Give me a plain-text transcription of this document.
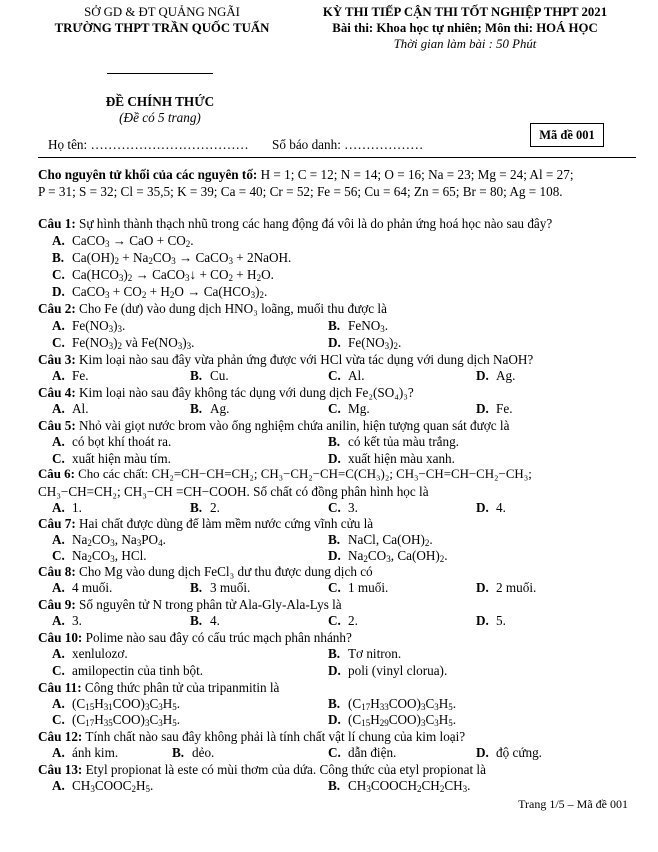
SỞ GD & ĐT QUẢNG NGÃI
TRƯỜNG THPT TRẦN QUỐC TUẤN
KỲ THI TIẾP CẬN THI TỐT NGHIỆP THPT 2021
Bài thi: Khoa học tự nhiên; Môn thi: HOÁ HỌC
Thời gian làm bài : 50 Phút
ĐỀ CHÍNH THỨC
(Đề có 5 trang)
Họ tên: ……………………………… Số báo danh: ………………
Mã đề 001
Cho nguyên tử khối của các nguyên tố: H = 1; C = 12; N = 14; O = 16; Na = 23; Mg = 24; Al = 27;
P = 31; S = 32; Cl = 35,5; K = 39; Ca = 40; Cr = 52; Fe = 56; Cu = 64; Zn = 65; Br = 80; Ag = 108.
Câu 1: Sự hình thành thạch nhũ trong các hang động đá vôi là do phản ứng hoá học nào sau đây?
A. CaCO$_3$ → CaO + $CO_2$.
B. $Ca(OH)_2 + Na_2CO_3$ → CaCO$_3$ + 2NaOH.
C. $Ca(HCO_3)_2$ → CaCO$_3$↓ + $CO_2 + H_2O$.
D. CaCO$_3$ + $CO_2 + H_2O \to Ca(HCO_3)_2$.
Câu 2: Cho Fe (dư) vào dung dịch HNO₃ loãng, muối thu được là
A. $Fe(NO_3)_3$.	B. FeNO$_3$.
C. $Fe(NO_3)_2$ và $Fe(NO_3)_3$.	D. $Fe(NO_3)_2$.
Câu 3: Kim loại nào sau đây vừa phản ứng được với HCl vừa tác dụng với dung dịch NaOH?
A. Fe.	B. Cu.	C. Al.	D. Ag.
Câu 4: Kim loại nào sau đây không tác dụng với dung dịch Fe₂(SO₄)₃?
A. Al.	B. Ag.	C. Mg.	D. Fe.
Câu 5: Nhỏ vài giọt nước brom vào ống nghiệm chứa anilin, hiện tượng quan sát được là
A. có bọt khí thoát ra.	B. có kết tủa màu trắng.
C. xuất hiện màu tím.	D. xuất hiện màu xanh.
Câu 6: Cho các chất: CH₂=CH−CH=CH₂; CH₃−CH₂−CH=C(CH₃)₂; CH₃−CH=CH−CH₂−CH₃;
CH₃−CH=CH₂; CH₃−CH =CH−COOH. Số chất có đồng phân hình học là
A. 1.	B. 2.	C. 3.	D. 4.
Câu 7: Hai chất được dùng để làm mềm nước cứng vĩnh cửu là
A. $Na_2CO_3$, $Na_3PO_4$.	B. NaCl, $Ca(OH)_2$.
C. $Na_2CO_3$, HCl.	D. $Na_2CO_3$, $Ca(OH)_2$.
Câu 8: Cho Mg vào dung dịch FeCl₃ dư thu được dung dịch có
A. 4 muối.	B. 3 muối.	C. 1 muối.	D. 2 muối.
Câu 9: Số nguyên tử N trong phân tử Ala-Gly-Ala-Lys là
A. 3.	B. 4.	C. 2.	D. 5.
Câu 10: Polime nào sau đây có cấu trúc mạch phân nhánh?
A. xenlulozơ.	B. Tơ nitron.
C. amilopectin của tinh bột.	D. poli (vinyl clorua).
Câu 11: Công thức phân tử của tripanmitin là
A. $(C_{15}H_{31}COO)_3C_3H_5$.	B. $(C_{17}H_{33}COO)_3C_3H_5$.
C. $(C_{17}H_{35}COO)_3C_3H_5$.	D. $(C_{15}H_{29}COO)_3C_3H_5$.
Câu 12: Tính chất nào sau đây không phải là tính chất vật lí chung của kim loại?
A. ánh kim.	B. dẻo.	C. dẫn điện.	D. độ cứng.
Câu 13: Etyl propionat là este có mùi thơm của dứa. Công thức của etyl propionat là
A. $CH_3COOC_2H_5$.	B. $CH_3COOCH_2CH_2CH_3$.
Trang 1/5 – Mã đề 001
